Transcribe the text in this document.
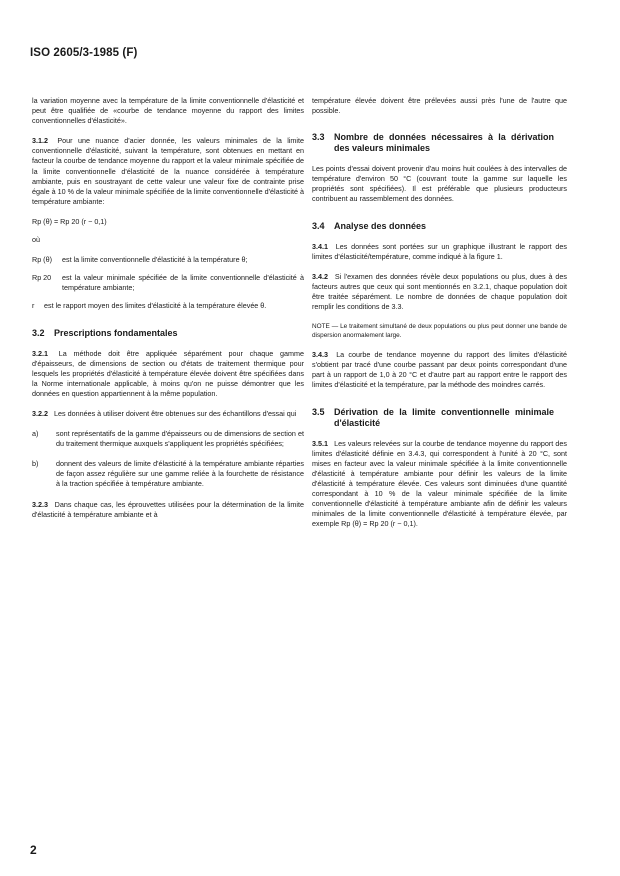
ISO 2605/3-1985 (F)

la variation moyenne avec la température de la limite conventionnelle d'élasticité et peut être qualifiée de «courbe de tendance moyenne du rapport des limites conventionnelles d'élasticité».

3.1.2 Pour une nuance d'acier donnée, les valeurs minimales de la limite conventionnelle d'élasticité, suivant la température, sont obtenues en mettant en facteur la courbe de tendance moyenne du rapport et la valeur minimale spécifiée de la limite conventionnelle d'élasticité de la nuance considérée à température ambiante, puis en soustrayant de cette valeur une valeur fixe de contrainte prise égale à 10 % de la valeur minimale spécifiée de la limite conventionnelle d'élasticité à température ambiante:

Rp (θ) = Rp 20 (r − 0,1)

où

Rp (θ)	est la limite conventionnelle d'élasticité à la température θ;
Rp 20	est la valeur minimale spécifiée de la limite conventionnelle d'élasticité à température ambiante;
r	est le rapport moyen des limites d'élasticité à la température élevée θ.
3.2 Prescriptions fondamentales

3.2.1 La méthode doit être appliquée séparément pour chaque gamme d'épaisseurs, de dimensions de section ou d'états de traitement thermique pour lesquels les propriétés d'élasticité à température élevée doivent être spécifiées dans la Norme internationale applicable, à moins qu'on ne puisse démontrer que les données en question appartiennent à la même population.

3.2.2 Les données à utiliser doivent être obtenues sur des échantillons d'essai qui

a)	sont représentatifs de la gamme d'épaisseurs ou de dimensions de section et du traitement thermique auxquels s'appliquent les propriétés spécifiées;
b)	donnent des valeurs de limite d'élasticité à la température ambiante réparties de façon assez régulière sur une gamme reliée à la fourchette de résistance à la traction spécifiée à température ambiante.

3.2.3 Dans chaque cas, les éprouvettes utilisées pour la détermination de la limite d'élasticité à température ambiante et à

température élevée doivent être prélevées aussi près l'une de l'autre que possible.

3.3 Nombre de données nécessaires à la dérivation des valeurs minimales

Les points d'essai doivent provenir d'au moins huit coulées à des intervalles de température d'environ 50 °C (couvrant toute la gamme sur laquelle les propriétés sont spécifiées). Il est préférable que plusieurs producteurs contribuent au rassemblement des données.

3.4 Analyse des données

3.4.1 Les données sont portées sur un graphique illustrant le rapport des limites d'élasticité/température, comme indiqué à la figure 1.

3.4.2 Si l'examen des données révèle deux populations ou plus, dues à des facteurs autres que ceux qui sont mentionnés en 3.2.1, chaque population doit être traitée séparément. Le nombre de données de chaque population doit remplir les conditions de 3.3.

NOTE — Le traitement simultané de deux populations ou plus peut donner une bande de dispersion anormalement large.

3.4.3 La courbe de tendance moyenne du rapport des limites d'élasticité s'obtient par tracé d'une courbe passant par deux points correspondant d'une part à un rapport de 1,0 à 20 °C et d'autre part au rapport entre le rapport des limites d'élasticité et la température, par la méthode des moindres carrés.

3.5 Dérivation de la limite conventionnelle minimale d'élasticité

3.5.1 Les valeurs relevées sur la courbe de tendance moyenne du rapport des limites d'élasticité définie en 3.4.3, qui correspondent à l'unité à 20 °C, sont mises en facteur avec la valeur minimale spécifiée à la limite conventionnelle d'élasticité à température ambiante pour définir les valeurs de la limite d'élasticité à température élevée. Ces valeurs sont diminuées d'une quantité correspondant à 10 % de la valeur minimale spécifiée de la limite conventionnelle d'élasticité à température ambiante afin de définir les valeurs minimales de la limite conventionnelle d'élasticité à température élevée, par exemple Rp (θ) = Rp 20 (r − 0,1).

2
